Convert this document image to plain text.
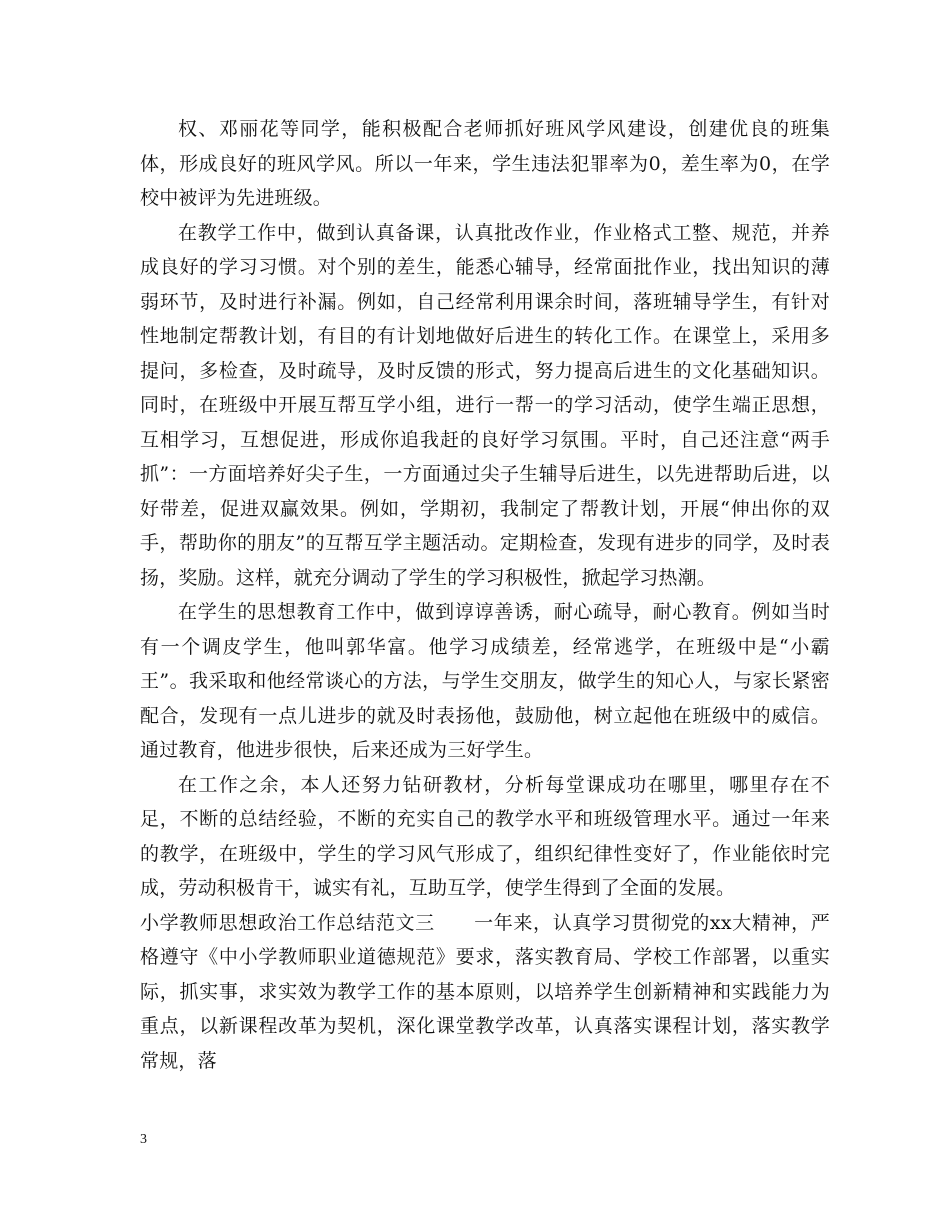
权、邓丽花等同学，能积极配合老师抓好班风学风建设，创建优良的班集体，形成良好的班风学风。所以一年来，学生违法犯罪率为0，差生率为0，在学校中被评为先进班级。

在教学工作中，做到认真备课，认真批改作业，作业格式工整、规范，并养成良好的学习习惯。对个别的差生，能悉心辅导，经常面批作业，找出知识的薄弱环节，及时进行补漏。例如，自己经常利用课余时间，落班辅导学生，有针对性地制定帮教计划，有目的有计划地做好后进生的转化工作。在课堂上，采用多提问，多检查，及时疏导，及时反馈的形式，努力提高后进生的文化基础知识。同时，在班级中开展互帮互学小组，进行一帮一的学习活动，使学生端正思想，互相学习，互想促进，形成你追我赶的良好学习氛围。平时，自己还注意“两手抓”：一方面培养好尖子生，一方面通过尖子生辅导后进生，以先进帮助后进，以好带差，促进双赢效果。例如，学期初，我制定了帮教计划，开展“伸出你的双手，帮助你的朋友”的互帮互学主题活动。定期检查，发现有进步的同学，及时表扬，奖励。这样，就充分调动了学生的学习积极性，掀起学习热潮。

在学生的思想教育工作中，做到谆谆善诱，耐心疏导，耐心教育。例如当时有一个调皮学生，他叫郭华富。他学习成绩差，经常逃学，在班级中是“小霸王”。我采取和他经常谈心的方法，与学生交朋友，做学生的知心人，与家长紧密配合，发现有一点儿进步的就及时表扬他，鼓励他，树立起他在班级中的威信。通过教育，他进步很快，后来还成为三好学生。

在工作之余，本人还努力钻研教材，分析每堂课成功在哪里，哪里存在不足，不断的总结经验，不断的充实自己的教学水平和班级管理水平。通过一年来的教学，在班级中，学生的学习风气形成了，组织纪律性变好了，作业能依时完成，劳动积极肯干，诚实有礼，互助互学，使学生得到了全面的发展。

小学教师思想政治工作总结范文三　　一年来，认真学习贯彻党的xx大精神，严格遵守《中小学教师职业道德规范》要求，落实教育局、学校工作部署，以重实际，抓实事，求实效为教学工作的基本原则，以培养学生创新精神和实践能力为重点，以新课程改革为契机，深化课堂教学改革，认真落实课程计划，落实教学常规，落

3
